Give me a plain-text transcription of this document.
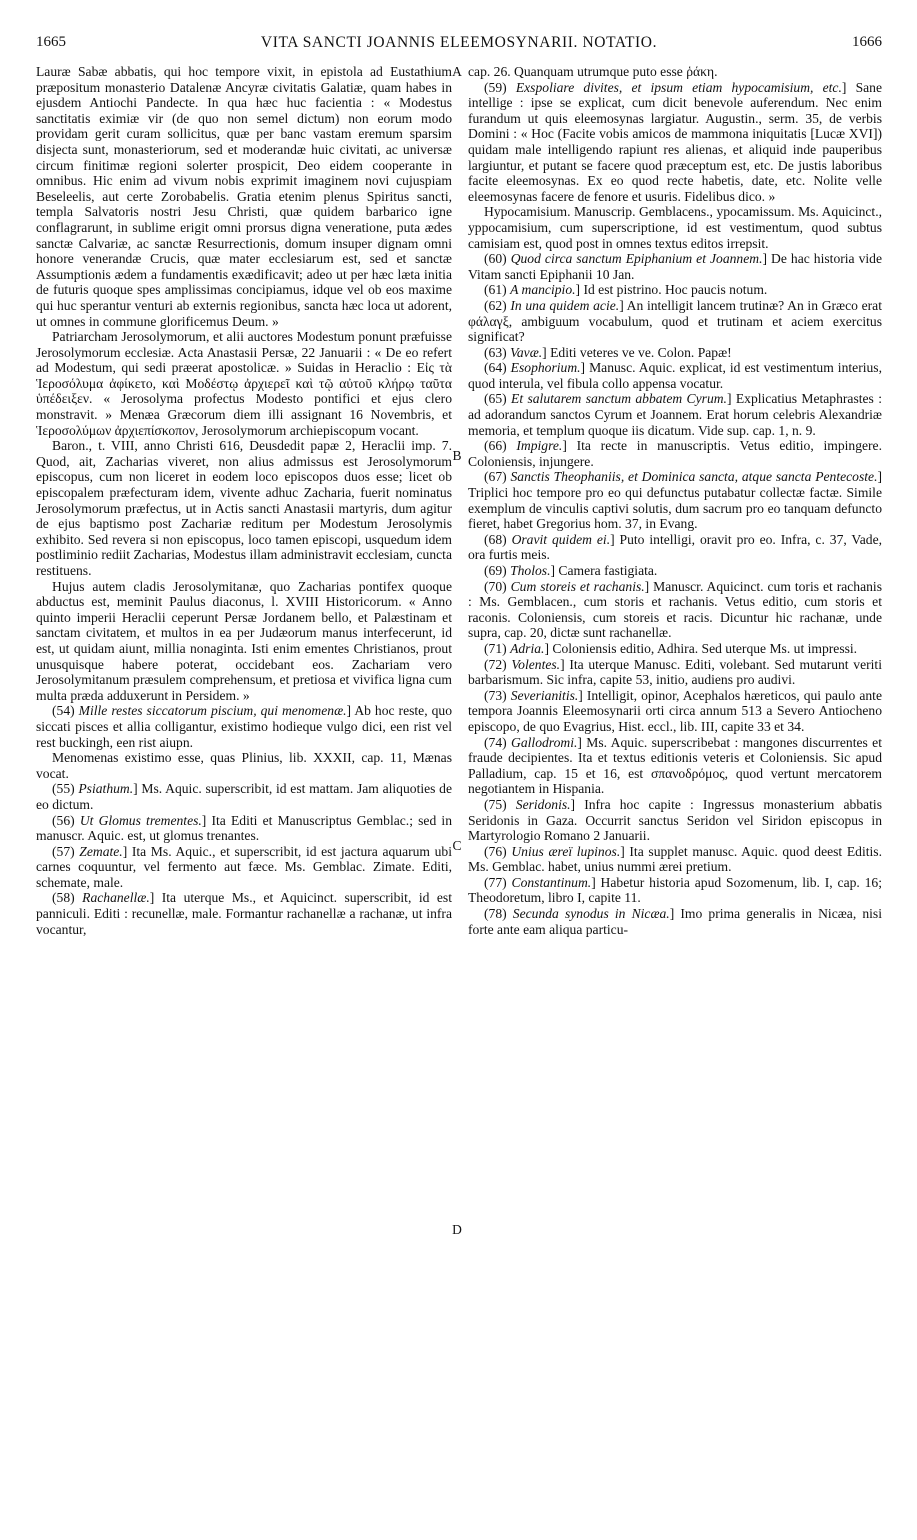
1665	VITA SANCTI JOANNIS ELEEMOSYNARII. NOTATIO.	1666

Lauræ Sabæ abbatis, qui hoc tempore vixit, in epistola ad Eustathium præpositum monasterio Datalenæ Ancyræ civitatis Galatiæ, quam habes in ejusdem Antiochi Pandecte. In qua hæc huc facientia : « Modestus sanctitatis eximiæ vir (de quo non semel dictum) non eorum modo providam gerit curam sollicitus, quæ per banc vastam eremum sparsim disjecta sunt, monasteriorum, sed et moderandæ huic civitati, ac universæ circum finitimæ regioni solerter prospicit, Deo eidem cooperante in omnibus. Hic enim ad vivum nobis exprimit imaginem novi cujuspiam Beseleelis, aut certe Zorobabelis. Gratia etenim plenus Spiritus sancti, templa Salvatoris nostri Jesu Christi, quæ quidem barbarico igne conflagrarunt, in sublime erigit omni prorsus digna veneratione, puta ædes sanctæ Calvariæ, ac sanctæ Resurrectionis, domum insuper dignam omni honore venerandæ Crucis, quæ mater ecclesiarum est, sed et sanctæ Assumptionis ædem a fundamentis exædificavit; adeo ut per hæc læta initia de futuris quoque spes amplissimas concipiamus, idque vel ob eos maxime qui huc sperantur venturi ab externis regionibus, sancta hæc loca ut adorent, ut omnes in commune glorificemus Deum. »

Patriarcham Jerosolymorum, et alii auctores Modestum ponunt præfuisse Jerosolymorum ecclesiæ. Acta Anastasii Persæ, 22 Januarii : « De eo refert ad Modestum, qui sedi præerat apostolicæ. » Suidas in Heraclio : Εἰς τὰ Ἱεροσόλυμα ἀφίκετο, καὶ Μοδέστῳ ἀρχιερεῖ καὶ τῷ αὐτοῦ κλήρῳ ταῦτα ὑπέδειξεν. « Jerosolyma profectus Modesto pontifici et ejus clero monstravit. » Menæa Græcorum diem illi assignant 16 Novembris, et Ἱεροσολύμων ἀρχιεπίσκοπον, Jerosolymorum archiepiscopum vocant.

Baron., t. VIII, anno Christi 616, Deusdedit papæ 2, Heraclii imp. 7. Quod, ait, Zacharias viveret, non alius admissus est Jerosolymorum episcopus, cum non liceret in eodem loco episcopos duos esse; licet ob episcopalem præfecturam idem, vivente adhuc Zacharia, fuerit nominatus Jerosolymorum præfectus, ut in Actis sancti Anastasii martyris, dum agitur de ejus baptismo post Zachariæ reditum per Modestum Jerosolymis exhibito. Sed revera si non episcopus, loco tamen episcopi, usquedum idem postliminio rediit Zacharias, Modestus illam administravit ecclesiam, cuncta restituens.

Hujus autem cladis Jerosolymitanæ, quo Zacharias pontifex quoque abductus est, meminit Paulus diaconus, l. XVIII Historicorum. « Anno quinto imperii Heraclii ceperunt Persæ Jordanem bello, et Palæstinam et sanctam civitatem, et multos in ea per Judæorum manus interfecerunt, id est, ut quidam aiunt, millia nonaginta. Isti enim ementes Christianos, prout unusquisque habere poterat, occidebant eos. Zachariam vero Jerosolymitanum præsulem comprehensum, et pretiosa et vivifica ligna cum multa præda adduxerunt in Persidem. »

(54) Mille restes siccatorum piscium, qui menomenæ.] Ab hoc reste, quo siccati pisces et allia colligantur, existimo hodieque vulgo dici, een rist vel rest buckingh, een rist aiupn.

Menomenas existimo esse, quas Plinius, lib. XXXII, cap. 11, Mænas vocat.

(55) Psiathum.] Ms. Aquic. superscribit, id est mattam. Jam aliquoties de eo dictum.

(56) Ut Glomus trementes.] Ita Editi et Manuscriptus Gemblac.; sed in manuscr. Aquic. est, ut glomus trenantes.

(57) Zemate.] Ita Ms. Aquic., et superscribit, id est jactura aquarum ubi carnes coquuntur, vel fermento aut fæce. Ms. Gemblac. Zimate. Editi, schemate, male.

(58) Rachanellæ.] Ita uterque Ms., et Aquicinct. superscribit, id est panniculi. Editi : recunellæ, male. Formantur rachanellæ a rachanæ, ut infra vocantur,

cap. 26. Quanquam utrumque puto esse ῥάκη.

(59) Exspoliare divites, et ipsum etiam hypocamisium, etc.] Sane intellige : ipse se explicat, cum dicit benevole auferendum. Nec enim furandum ut quis eleemosynas largiatur. Augustin., serm. 35, de verbis Domini : « Hoc (Facite vobis amicos de mammona iniquitatis [Lucæ XVI]) quidam male intelligendo rapiunt res alienas, et aliquid inde pauperibus largiuntur, et putant se facere quod præceptum est, etc. De justis laboribus facite eleemosynas. Ex eo quod recte habetis, date, etc. Nolite velle eleemosynas facere de fenore et usuris. Fidelibus dico. »

Hypocamisium. Manuscrip. Gemblacens., ypocamissum. Ms. Aquicinct., yppocamisium, cum superscriptione, id est vestimentum, quod subtus camisiam est, quod post in omnes textus editos irrepsit.

(60) Quod circa sanctum Epiphanium et Joannem.] De hac historia vide Vitam sancti Epiphanii 10 Jan.

(61) A mancipio.] Id est pistrino. Hoc paucis notum.

(62) In una quidem acie.] An intelligit lancem trutinæ? An in Græco erat φάλαγξ, ambiguum vocabulum, quod et trutinam et aciem exercitus significat?

(63) Vavæ.] Editi veteres ve ve. Colon. Papæ!

(64) Esophorium.] Manusc. Aquic. explicat, id est vestimentum interius, quod interula, vel fibula collo appensa vocatur.

(65) Et salutarem sanctum abbatem Cyrum.] Explicatius Metaphrastes : ad adorandum sanctos Cyrum et Joannem. Erat horum celebris Alexandriæ memoria, et templum quoque iis dicatum. Vide sup. cap. 1, n. 9.

(66) Impigre.] Ita recte in manuscriptis. Vetus editio, impingere. Coloniensis, injungere.

(67) Sanctis Theophaniis, et Dominica sancta, atque sancta Pentecoste.] Triplici hoc tempore pro eo qui defunctus putabatur collectæ factæ. Simile exemplum de vinculis captivi solutis, dum sacrum pro eo tanquam defuncto fieret, habet Gregorius hom. 37, in Evang.

(68) Oravit quidem ei.] Puto intelligi, oravit pro eo. Infra, c. 37, Vade, ora furtis meis.

(69) Tholos.] Camera fastigiata.

(70) Cum storeis et rachanis.] Manuscr. Aquicinct. cum toris et rachanis : Ms. Gemblacen., cum storis et rachanis. Vetus editio, cum storis et raconis. Coloniensis, cum storeis et racis. Dicuntur hic rachanæ, unde supra, cap. 20, dictæ sunt rachanellæ.

(71) Adria.] Coloniensis editio, Adhira. Sed uterque Ms. ut impressi.

(72) Volentes.] Ita uterque Manusc. Editi, volebant. Sed mutarunt veriti barbarismum. Sic infra, capite 53, initio, audiens pro audivi.

(73) Severianitis.] Intelligit, opinor, Acephalos hæreticos, qui paulo ante tempora Joannis Eleemosynarii orti circa annum 513 a Severo Antiocheno episcopo, de quo Evagrius, Hist. eccl., lib. III, capite 33 et 34.

(74) Gallodromi.] Ms. Aquic. superscribebat : mangones discurrentes et fraude decipientes. Ita et textus editionis veteris et Coloniensis. Sic apud Palladium, cap. 15 et 16, est σπανοδρόμος, quod vertunt mercatorem negotiantem in Hispania.

(75) Seridonis.] Infra hoc capite : Ingressus monasterium abbatis Seridonis in Gaza. Occurrit sanctus Seridon vel Siridon episcopus in Martyrologio Romano 2 Januarii.

(76) Unius æreï lupinos.] Ita supplet manusc. Aquic. quod deest Editis. Ms. Gemblac. habet, unius nummi ærei pretium.

(77) Constantinum.] Habetur historia apud Sozomenum, lib. I, cap. 16; Theodoretum, libro I, capite 11.

(78) Secunda synodus in Nicæa.] Imo prima generalis in Nicæa, nisi forte ante eam aliqua particu-

A
B
C
D
